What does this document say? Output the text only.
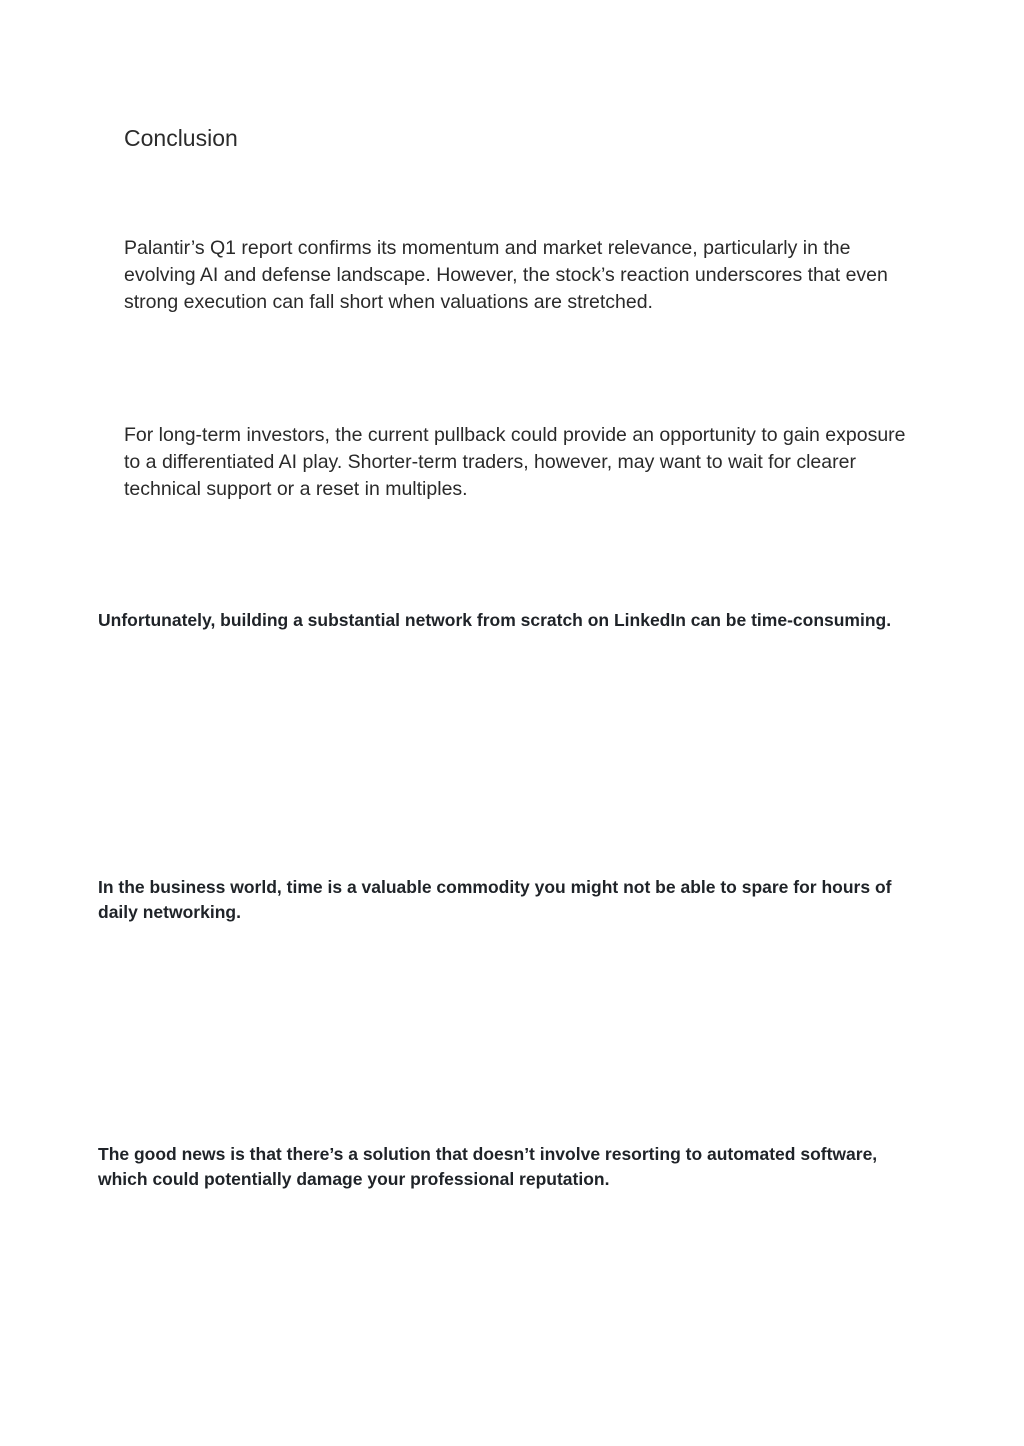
Conclusion

Palantir’s Q1 report confirms its momentum and market relevance, particularly in the evolving AI and defense landscape. However, the stock’s reaction underscores that even strong execution can fall short when valuations are stretched.

For long-term investors, the current pullback could provide an opportunity to gain exposure to a differentiated AI play. Shorter-term traders, however, may want to wait for clearer technical support or a reset in multiples.

Unfortunately, building a substantial network from scratch on LinkedIn can be time-consuming.

In the business world, time is a valuable commodity you might not be able to spare for hours of daily networking.

The good news is that there’s a solution that doesn’t involve resorting to automated software, which could potentially damage your professional reputation.
